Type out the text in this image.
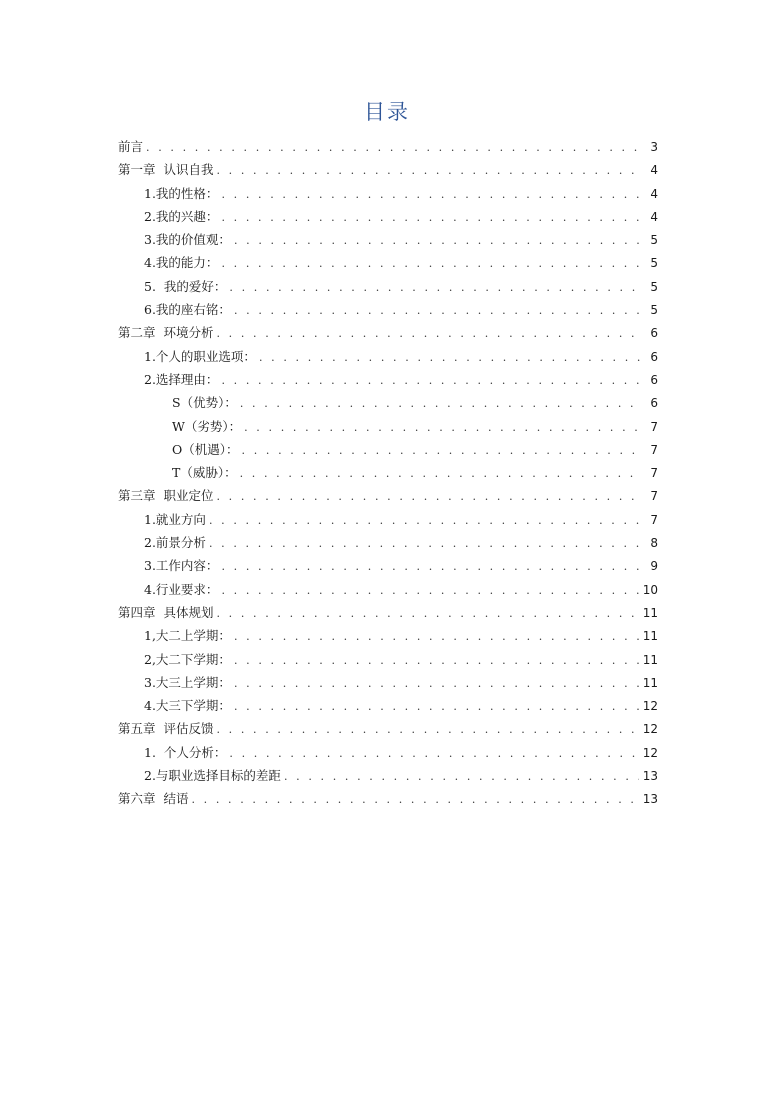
目录
前言 . . .	3
第一章  认识自我 . . .	4
1.我的性格： . . .	4
2.我的兴趣： . . .	4
3.我的价值观： . . .	5
4.我的能力： . . .	5
5.  我的爱好： . . .	5
6.我的座右铭： . . .	5
第二章  环境分析 . . .	6
1.个人的职业选项： . . .	6
2.选择理由： . . .	6
S（优势）： . . .	6
W（劣势）： . . .	7
O（机遇）： . . .	7
T（威胁）： . . .	7
第三章  职业定位 . . .	7
1.就业方向 . . .	7
2.前景分析 . . .	8
3.工作内容： . . .	9
4.行业要求： . . .	10
第四章  具体规划 . . .	11
1,大二上学期： . . .	11
2,大二下学期： . . .	11
3.大三上学期： . . .	11
4.大三下学期： . . .	12
第五章  评估反馈 . . .	12
1.  个人分析： . . .	12
2.与职业选择目标的差距 . . .	13
第六章  结语 . . .	13
